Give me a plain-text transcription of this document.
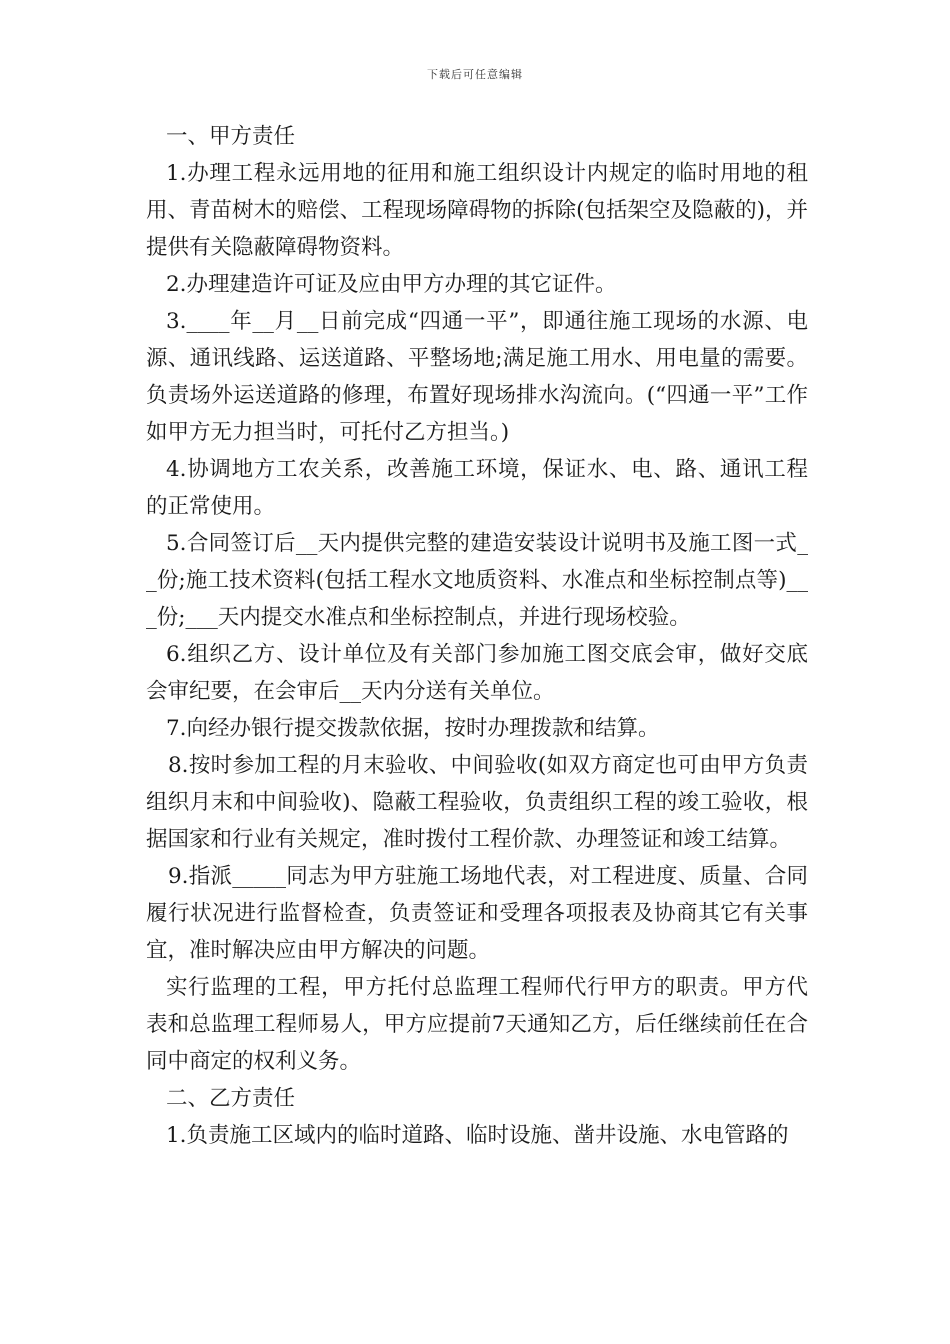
下载后可任意编辑

一、甲方责任

1.办理工程永远用地的征用和施工组织设计内规定的临时用地的租用、青苗树木的赔偿、工程现场障碍物的拆除(包括架空及隐蔽的)，并提供有关隐蔽障碍物资料。

2.办理建造许可证及应由甲方办理的其它证件。

3.____年__月__日前完成“四通一平”，即通往施工现场的水源、电源、通讯线路、运送道路、平整场地;满足施工用水、用电量的需要。负责场外运送道路的修理，布置好现场排水沟流向。(“四通一平”工作如甲方无力担当时，可托付乙方担当。)

4.协调地方工农关系，改善施工环境，保证水、电、路、通讯工程的正常使用。

5.合同签订后__天内提供完整的建造安装设计说明书及施工图一式__份;施工技术资料(包括工程水文地质资料、水准点和坐标控制点等)___份;___天内提交水准点和坐标控制点，并进行现场校验。

6.组织乙方、设计单位及有关部门参加施工图交底会审，做好交底会审纪要，在会审后__天内分送有关单位。

7.向经办银行提交拨款依据，按时办理拨款和结算。

8.按时参加工程的月末验收、中间验收(如双方商定也可由甲方负责组织月末和中间验收)、隐蔽工程验收，负责组织工程的竣工验收，根据国家和行业有关规定，准时拨付工程价款、办理签证和竣工结算。

9.指派_____同志为甲方驻施工场地代表，对工程进度、质量、合同履行状况进行监督检查，负责签证和受理各项报表及协商其它有关事宜，准时解决应由甲方解决的问题。

实行监理的工程，甲方托付总监理工程师代行甲方的职责。甲方代表和总监理工程师易人，甲方应提前7天通知乙方，后任继续前任在合同中商定的权利义务。

二、乙方责任

1.负责施工区域内的临时道路、临时设施、凿井设施、水电管路的
